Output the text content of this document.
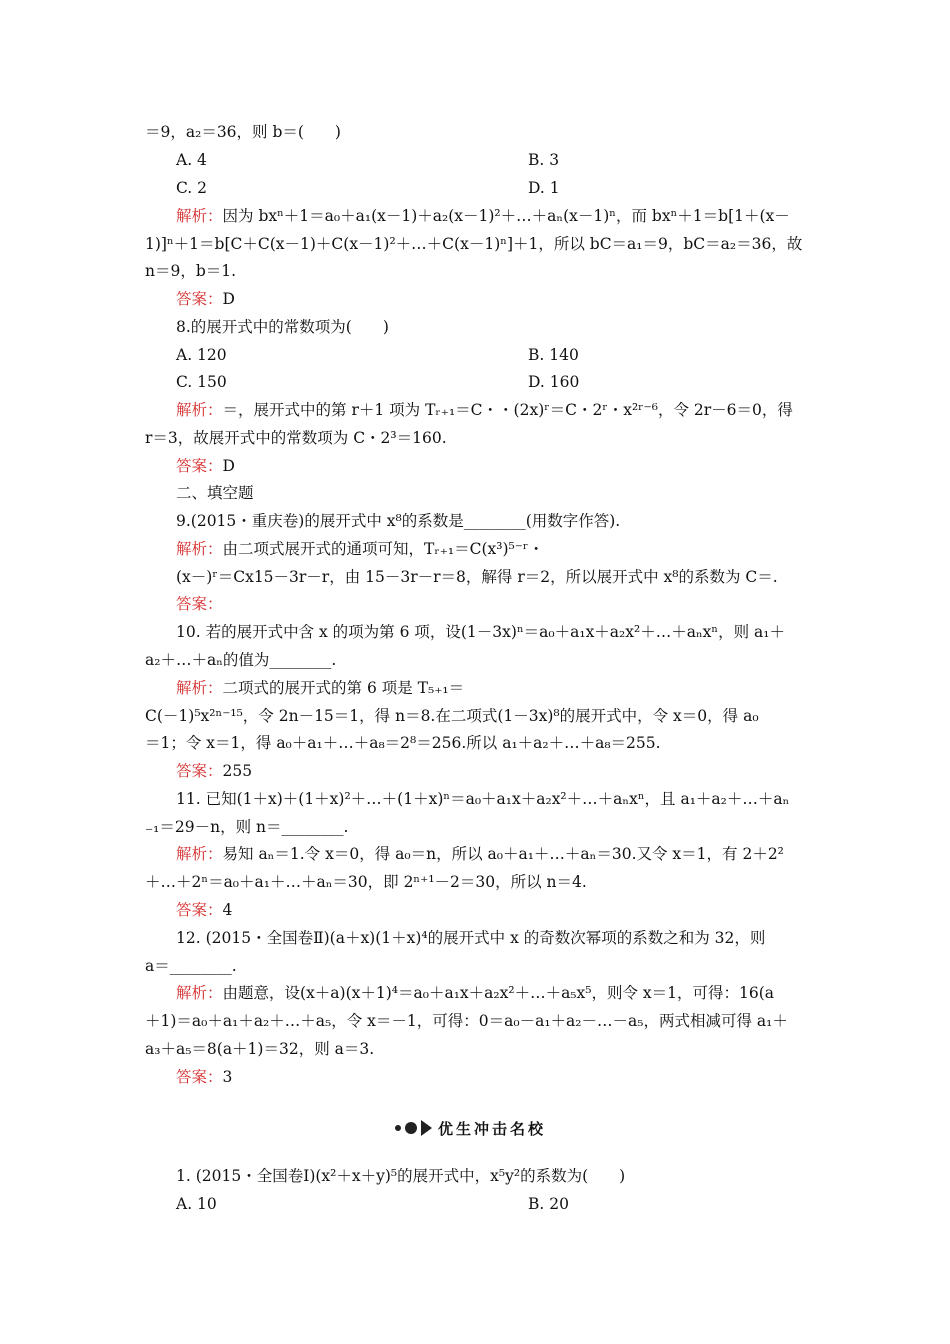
＝9，a₂＝36，则 b＝(　　)
A. 4	B. 3
C. 2	D. 1
解析：因为 bxⁿ＋1＝a₀＋a₁(x－1)＋a₂(x－1)²＋…＋aₙ(x－1)ⁿ，而 bxⁿ＋1＝b[1＋(x－
1)]ⁿ＋1＝b[C＋C(x－1)＋C(x－1)²＋…＋C(x－1)ⁿ]＋1，所以 bC＝a₁＝9，bC＝a₂＝36，故
n＝9，b＝1.
答案：D
8.的展开式中的常数项为(　　)
A. 120	B. 140
C. 150	D. 160
解析：＝，展开式中的第 r＋1 项为 Tᵣ₊₁＝C・・(2x)ʳ＝C・2ʳ・x²ʳ⁻⁶，令 2r－6＝0，得
r＝3，故展开式中的常数项为 C・2³＝160.
答案：D
二、填空题
9.(2015・重庆卷)的展开式中 x⁸的系数是________(用数字作答).
解析：由二项式展开式的通项可知，Tᵣ₊₁＝C(x³)⁵⁻ʳ・
(x－)ʳ＝Cx15－3r－r，由 15－3r－r＝8，解得 r＝2，所以展开式中 x⁸的系数为 C＝.
答案：
10. 若的展开式中含 x 的项为第 6 项，设(1－3x)ⁿ＝a₀＋a₁x＋a₂x²＋…＋aₙxⁿ，则 a₁＋
a₂＋…＋aₙ的值为________.
解析：二项式的展开式的第 6 项是 T₅₊₁＝
C(－1)⁵x²ⁿ⁻¹⁵，令 2n－15＝1，得 n＝8.在二项式(1－3x)⁸的展开式中，令 x＝0，得 a₀
＝1；令 x＝1，得 a₀＋a₁＋…＋a₈＝2⁸＝256.所以 a₁＋a₂＋…＋a₈＝255.
答案：255
11. 已知(1＋x)＋(1＋x)²＋…＋(1＋x)ⁿ＝a₀＋a₁x＋a₂x²＋…＋aₙxⁿ，且 a₁＋a₂＋…＋aₙ
₋₁＝29－n，则 n＝________.
解析：易知 aₙ＝1.令 x＝0，得 a₀＝n，所以 a₀＋a₁＋…＋aₙ＝30.又令 x＝1，有 2＋2²
＋…＋2ⁿ＝a₀＋a₁＋…＋aₙ＝30，即 2ⁿ⁺¹－2＝30，所以 n＝4.
答案：4
12. (2015・全国卷Ⅱ)(a＋x)(1＋x)⁴的展开式中 x 的奇数次幂项的系数之和为 32，则
a＝________.
解析：由题意，设(x＋a)(x＋1)⁴＝a₀＋a₁x＋a₂x²＋…＋a₅x⁵，则令 x＝1，可得：16(a
＋1)＝a₀＋a₁＋a₂＋…＋a₅，令 x＝－1，可得：0＝a₀－a₁＋a₂－…－a₅，两式相减可得 a₁＋
a₃＋a₅＝8(a＋1)＝32，则 a＝3.
答案：3
优生冲击名校
1. (2015・全国卷Ⅰ)(x²＋x＋y)⁵的展开式中，x⁵y²的系数为(　　)
A. 10	B. 20
